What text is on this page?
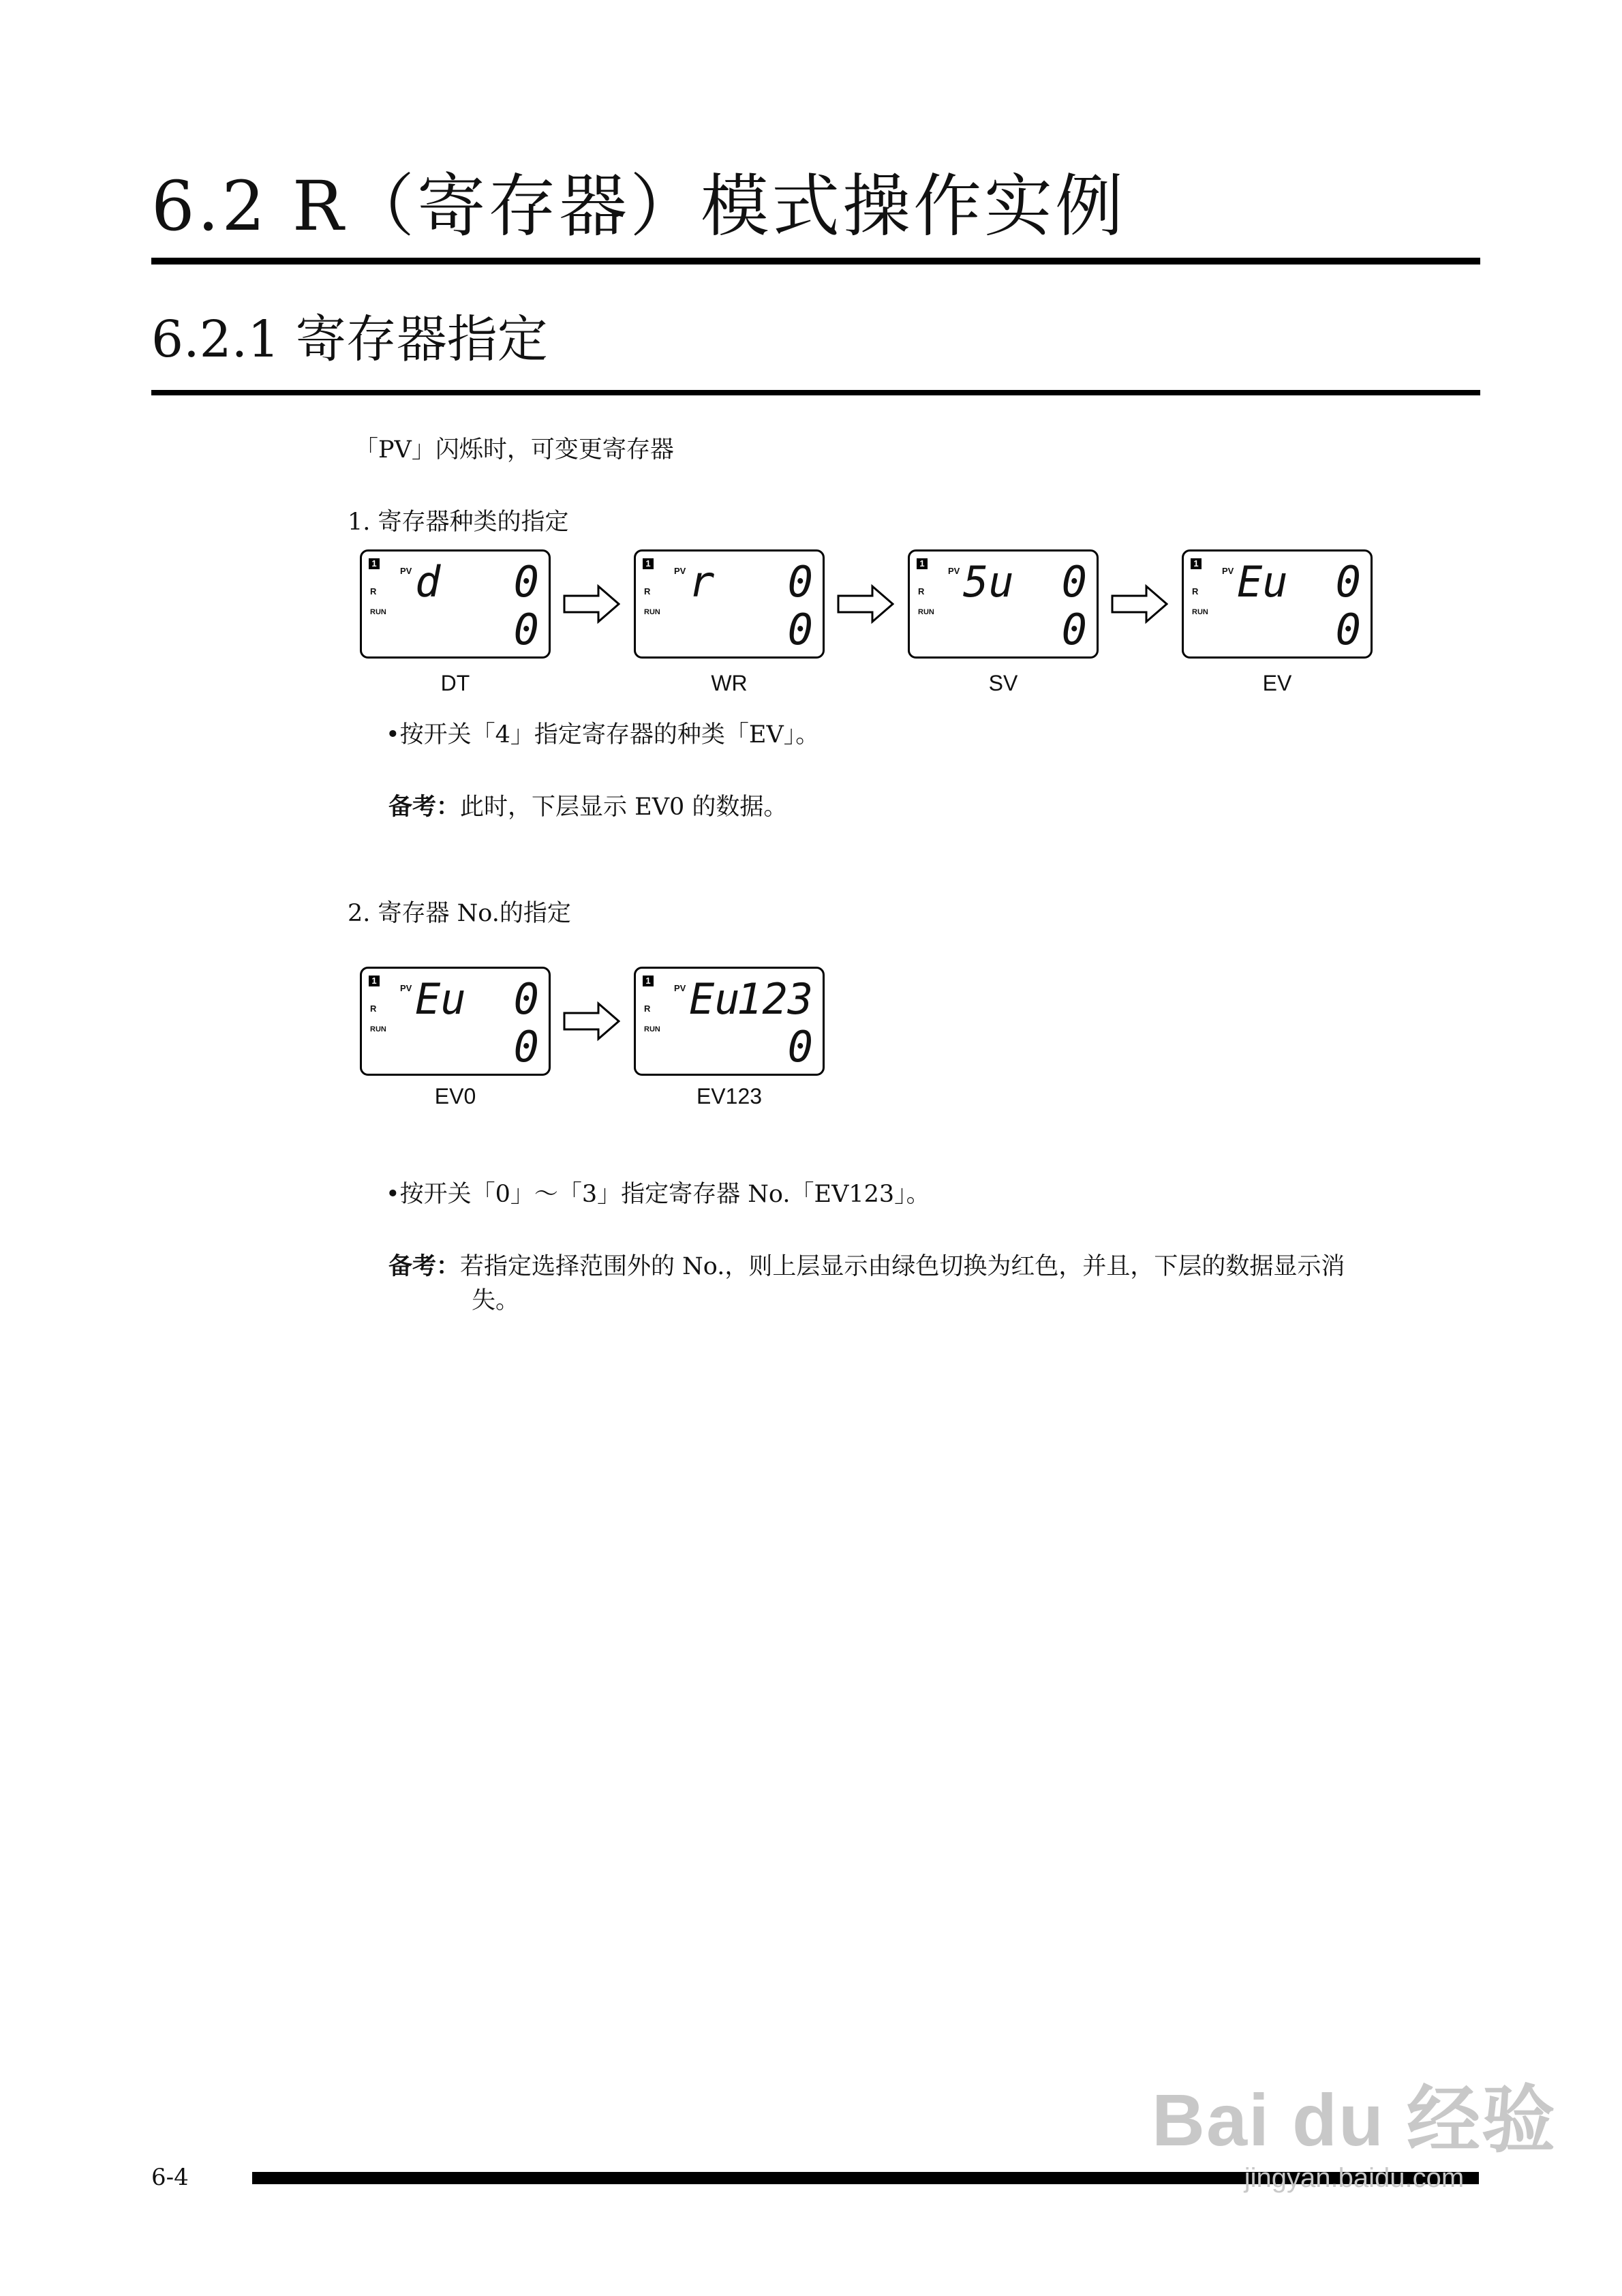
6.2 R（寄存器）模式操作实例
6.2.1 寄存器指定
「PV」闪烁时，可变更寄存器
1. 寄存器种类的指定
1
PV
R
RUN
d 0
0
DT
1
PV
R
RUN
r 0
0
WR
1
PV
R
RUN
5u 0
0
SV
1
PV
R
RUN
Eu 0
0
EV
•按开关「4」指定寄存器的种类「EV」。
备考：此时，下层显示 EV0 的数据。
2. 寄存器 No.的指定
1
PV
R
RUN
Eu 0
0
EV0
1
PV
R
RUN
Eu
123
0
EV123
•按开关「0」～「3」指定寄存器 No.「EV123」。
备考：若指定选择范围外的 No.，则上层显示由绿色切换为红色，并且，下层的数据显示消
失。
6-4
Bai du 经验
jingyan.baidu.com
